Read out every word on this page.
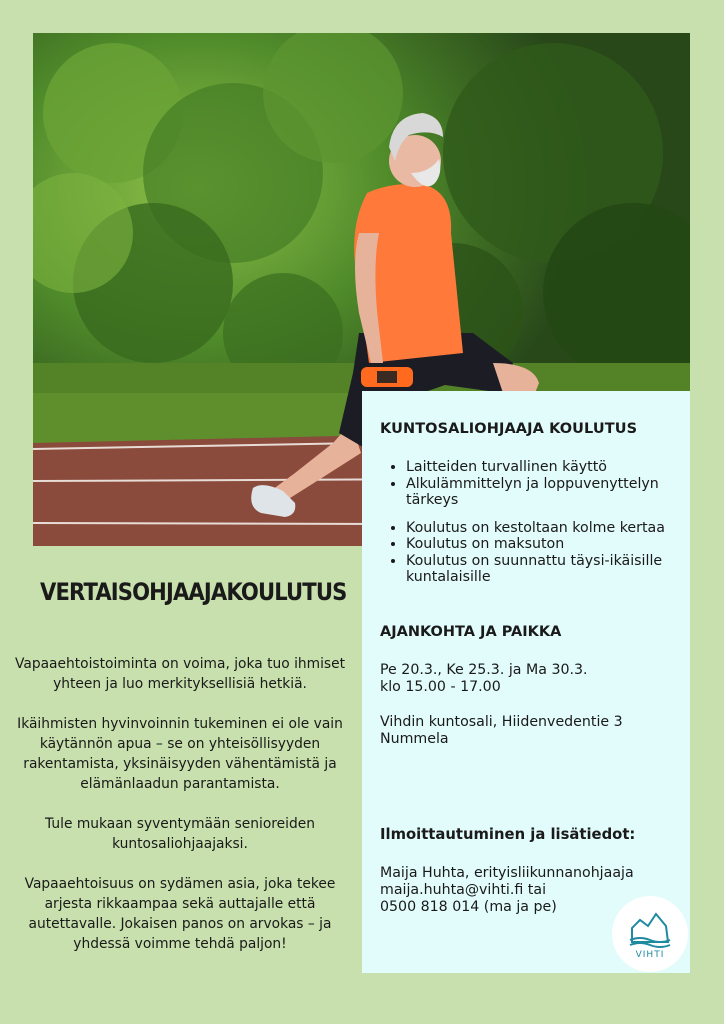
KUNTOSALIOHJAAJA KOULUTUS
• Laitteiden turvallinen käyttö
• Alkulämmittelyn ja loppuvenyttelyn tärkeys
• Koulutus on kestoltaan kolme kertaa
• Koulutus on maksuton
• Koulutus on suunnattu täysi-ikäisille kuntalaisille
AJANKOHTA JA PAIKKA

Pe 20.3., Ke 25.3. ja Ma 30.3.

klo 15.00 - 17.00

Vihdin kuntosali, Hiidenvedentie 3

Nummela

Ilmoittautuminen ja lisätiedot:

Maija Huhta, erityisliikunnanohjaaja

maija.huhta@vihti.fi tai

0500 818 014 (ma ja pe)

VERTAISOHJAAJAKOULUTUS

Vapaaehtoistoiminta on voima, joka tuo ihmiset yhteen ja luo merkityksellisiä hetkiä.

Ikäihmisten hyvinvoinnin tukeminen ei ole vain käytännön apua – se on yhteisöllisyyden rakentamista, yksinäisyyden vähentämistä ja elämänlaadun parantamista.

Tule mukaan syventymään senioreiden kuntosaliohjaajaksi.

Vapaaehtoisuus on sydämen asia, joka tekee arjesta rikkaampaa sekä auttajalle että autettavalle. Jokaisen panos on arvokas – ja yhdessä voimme tehdä paljon!

VIHTI
